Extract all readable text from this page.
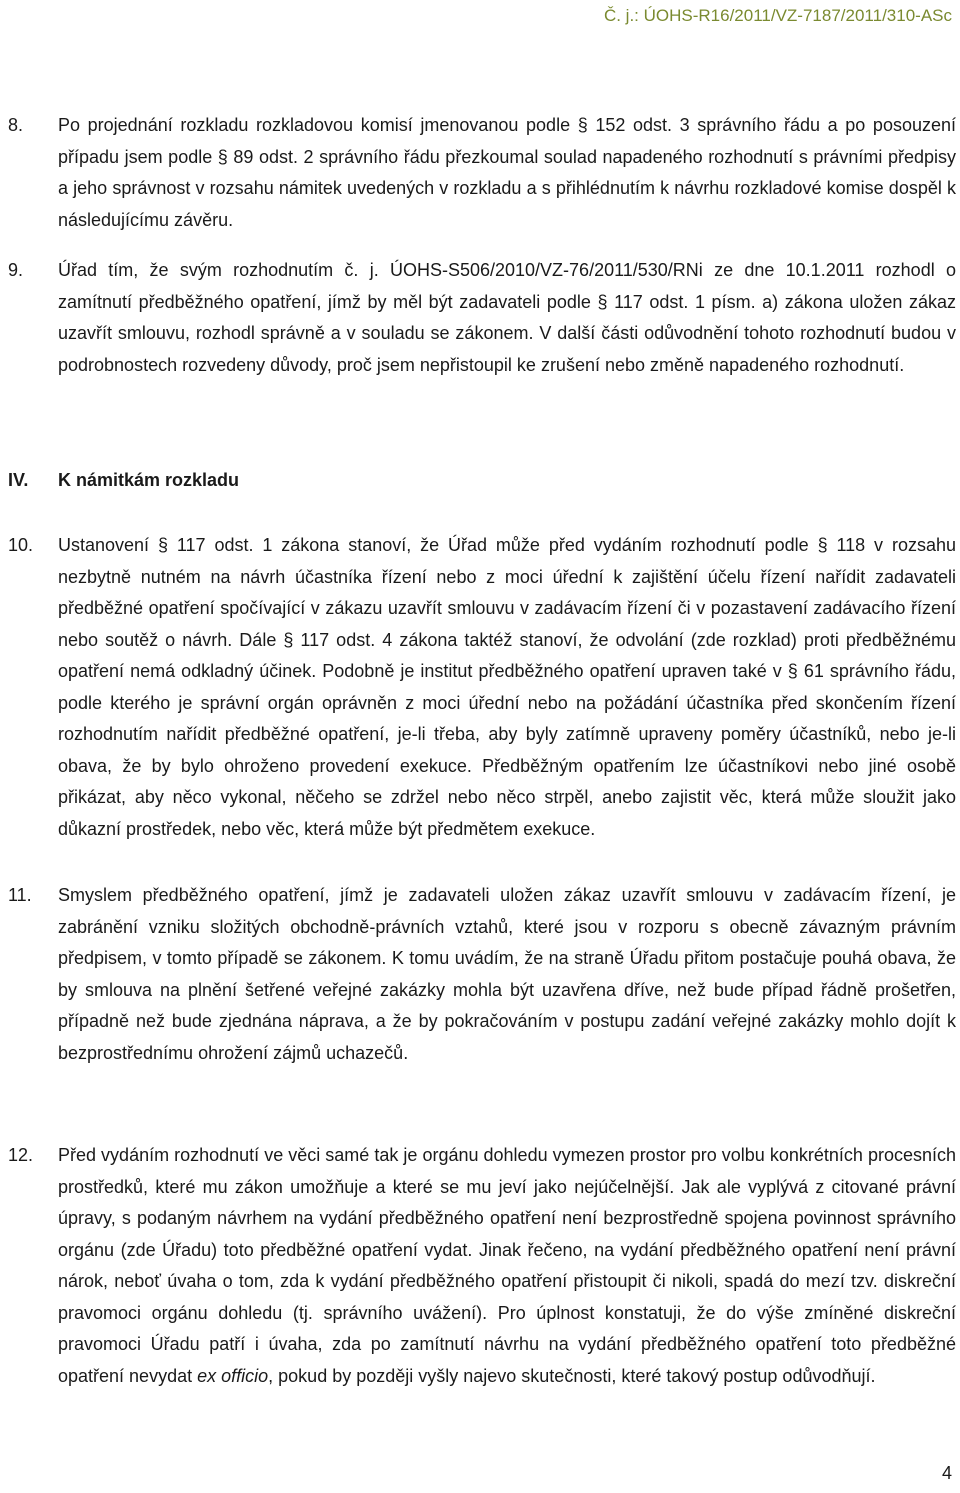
Č. j.: ÚOHS-R16/2011/VZ-7187/2011/310-ASc
8. Po projednání rozkladu rozkladovou komisí jmenovanou podle § 152 odst. 3 správního řádu a po posouzení případu jsem podle § 89 odst. 2 správního řádu přezkoumal soulad napadeného rozhodnutí s právními předpisy a jeho správnost v rozsahu námitek uvedených v rozkladu a s přihlédnutím k návrhu rozkladové komise dospěl k následujícímu závěru.
9. Úřad tím, že svým rozhodnutím č. j. ÚOHS-S506/2010/VZ-76/2011/530/RNi ze dne 10.1.2011 rozhodl o zamítnutí předběžného opatření, jímž by měl být zadavateli podle § 117 odst. 1 písm. a) zákona uložen zákaz uzavřít smlouvu, rozhodl správně a v souladu se zákonem. V další části odůvodnění tohoto rozhodnutí budou v podrobnostech rozvedeny důvody, proč jsem nepřistoupil ke zrušení nebo změně napadeného rozhodnutí.
IV. K námitkám rozkladu
10. Ustanovení § 117 odst. 1 zákona stanoví, že Úřad může před vydáním rozhodnutí podle § 118 v rozsahu nezbytně nutném na návrh účastníka řízení nebo z moci úřední k zajištění účelu řízení nařídit zadavateli předběžné opatření spočívající v zákazu uzavřít smlouvu v zadávacím řízení či v pozastavení zadávacího řízení nebo soutěž o návrh. Dále § 117 odst. 4 zákona taktéž stanoví, že odvolání (zde rozklad) proti předběžnému opatření nemá odkladný účinek. Podobně je institut předběžného opatření upraven také v § 61 správního řádu, podle kterého je správní orgán oprávněn z moci úřední nebo na požádání účastníka před skončením řízení rozhodnutím nařídit předběžné opatření, je-li třeba, aby byly zatímně upraveny poměry účastníků, nebo je-li obava, že by bylo ohroženo provedení exekuce. Předběžným opatřením lze účastníkovi nebo jiné osobě přikázat, aby něco vykonal, něčeho se zdržel nebo něco strpěl, anebo zajistit věc, která může sloužit jako důkazní prostředek, nebo věc, která může být předmětem exekuce.
11. Smyslem předběžného opatření, jímž je zadavateli uložen zákaz uzavřít smlouvu v zadávacím řízení, je zabránění vzniku složitých obchodně-právních vztahů, které jsou v rozporu s obecně závazným právním předpisem, v tomto případě se zákonem. K tomu uvádím, že na straně Úřadu přitom postačuje pouhá obava, že by smlouva na plnění šetřené veřejné zakázky mohla být uzavřena dříve, než bude případ řádně prošetřen, případně než bude zjednána náprava, a že by pokračováním v postupu zadání veřejné zakázky mohlo dojít k bezprostřednímu ohrožení zájmů uchazečů.
12. Před vydáním rozhodnutí ve věci samé tak je orgánu dohledu vymezen prostor pro volbu konkrétních procesních prostředků, které mu zákon umožňuje a které se mu jeví jako nejúčelnější. Jak ale vyplývá z citované právní úpravy, s podaným návrhem na vydání předběžného opatření není bezprostředně spojena povinnost správního orgánu (zde Úřadu) toto předběžné opatření vydat. Jinak řečeno, na vydání předběžného opatření není právní nárok, neboť úvaha o tom, zda k vydání předběžného opatření přistoupit či nikoli, spadá do mezí tzv. diskreční pravomoci orgánu dohledu (tj. správního uvážení). Pro úplnost konstatuji, že do výše zmíněné diskreční pravomoci Úřadu patří i úvaha, zda po zamítnutí návrhu na vydání předběžného opatření toto předběžné opatření nevydat ex officio, pokud by později vyšly najevo skutečnosti, které takový postup odůvodňují.
4
